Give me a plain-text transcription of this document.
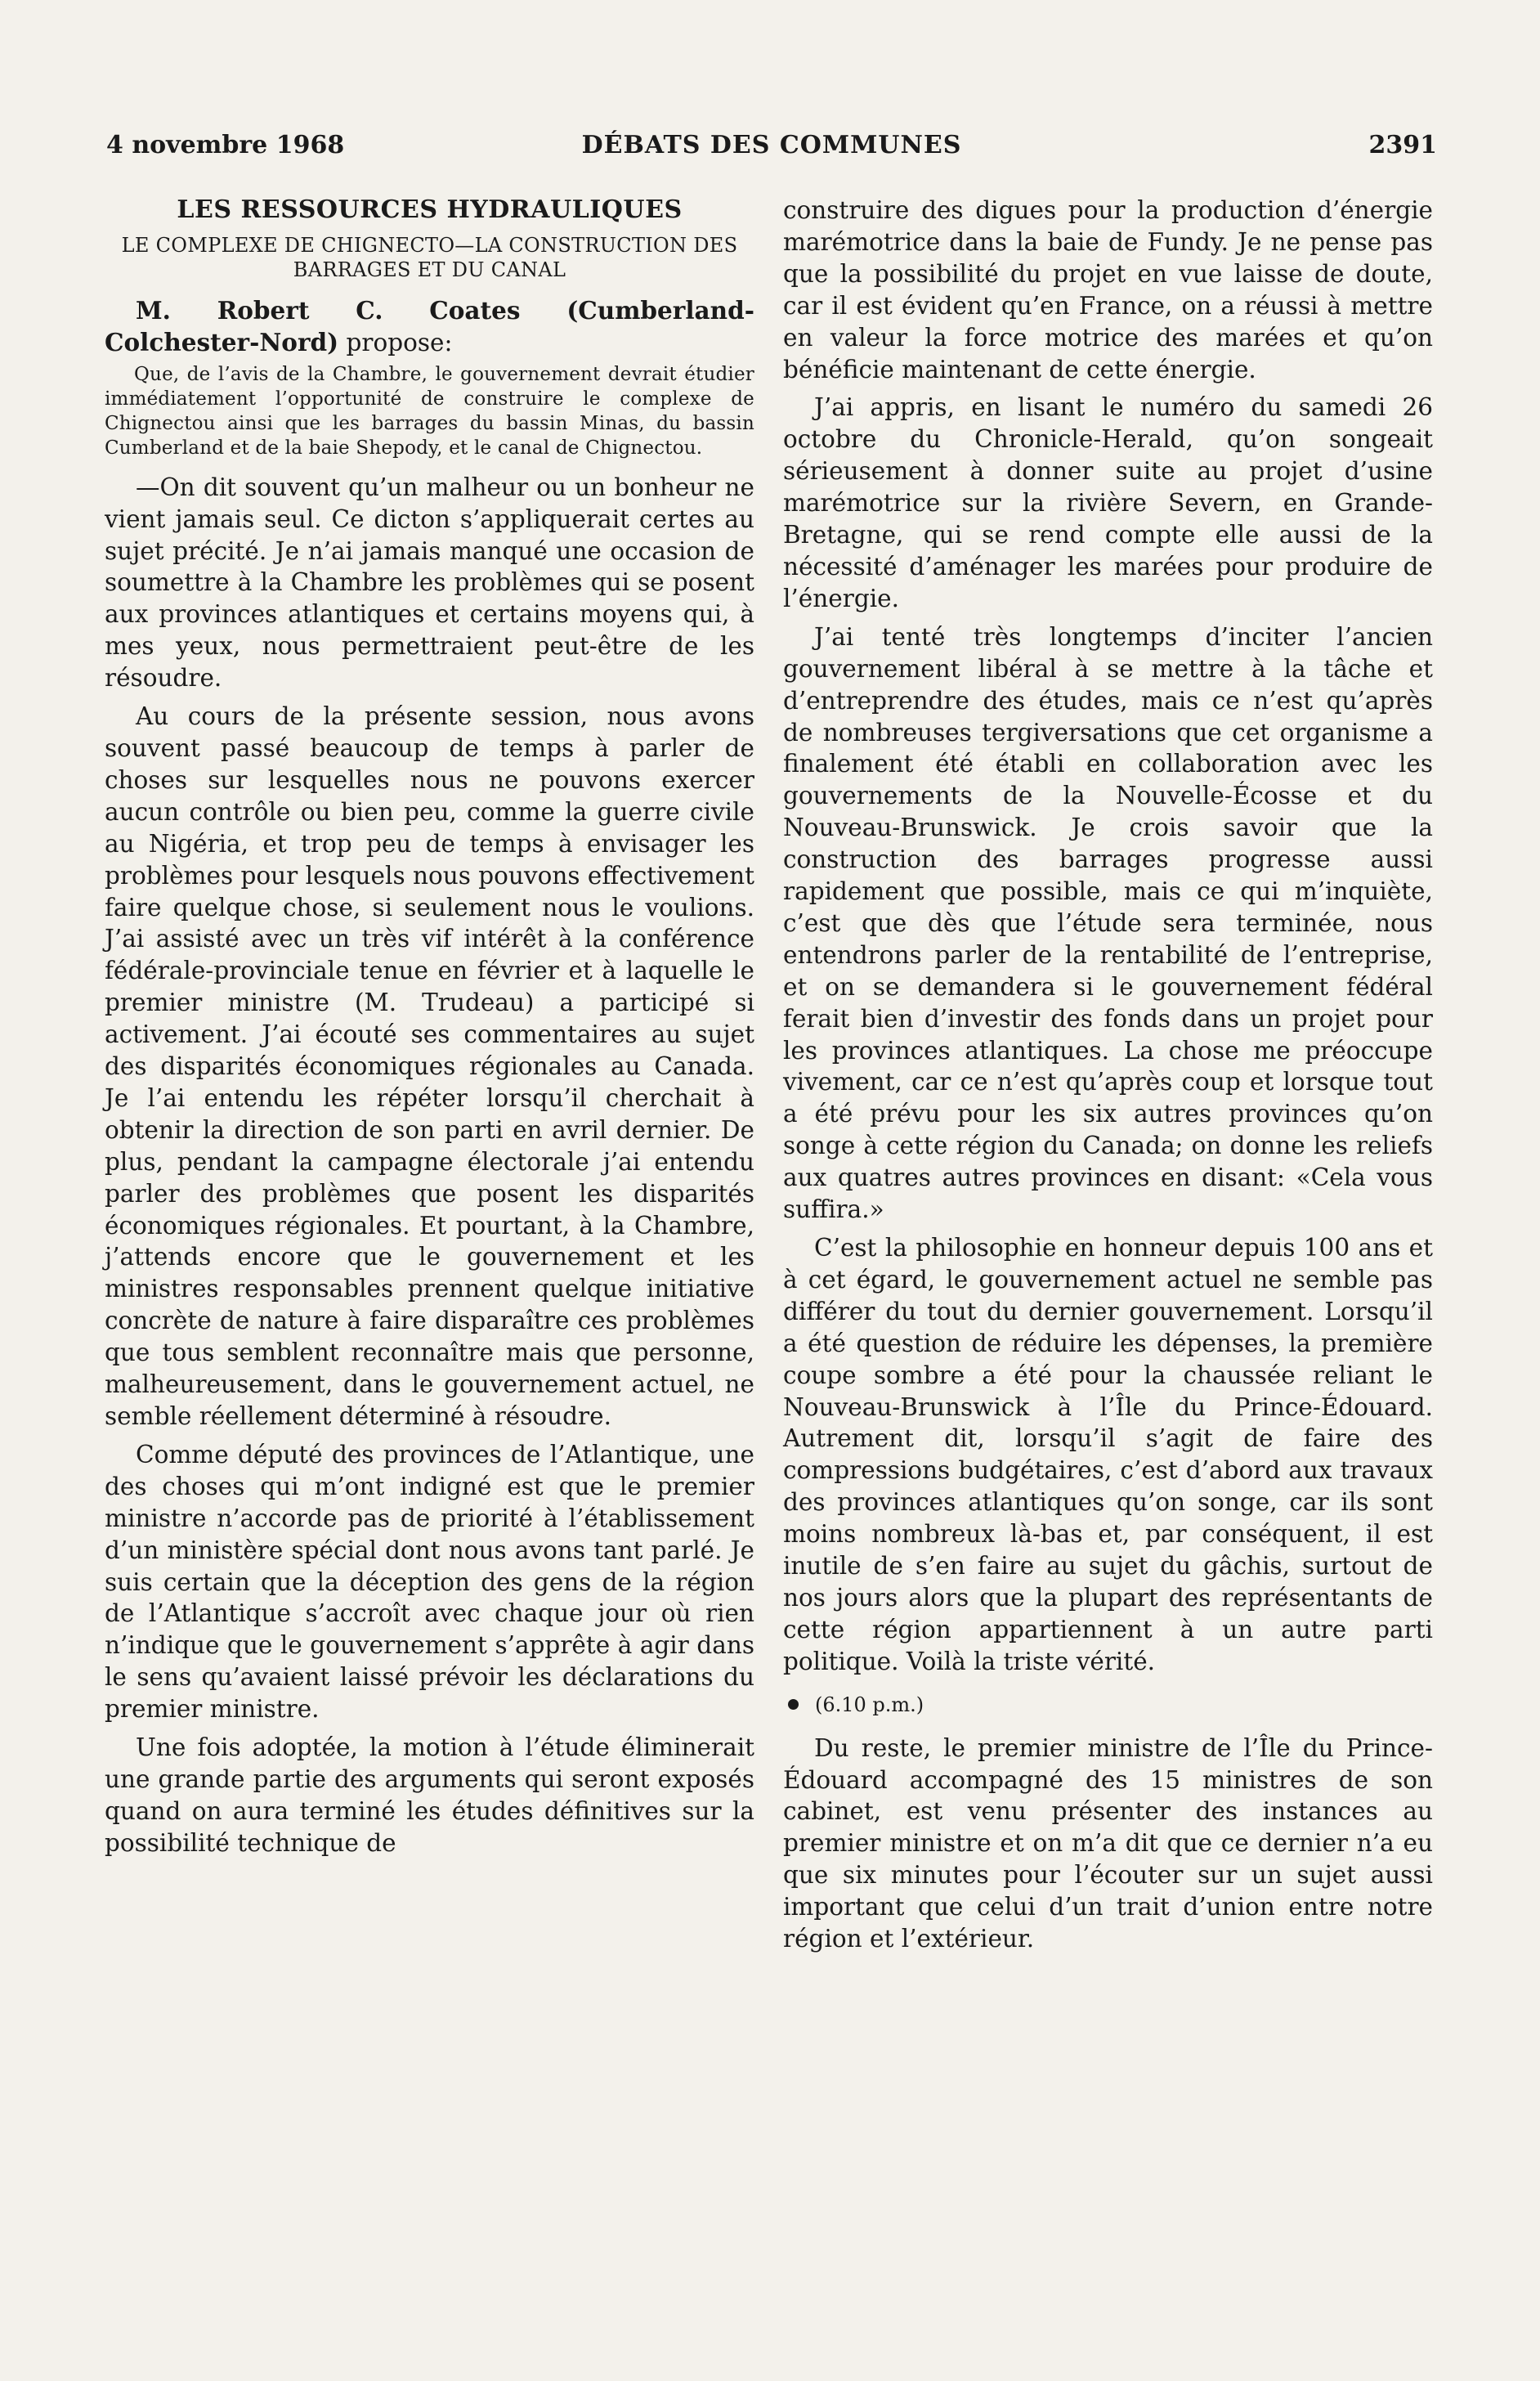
4 novembre 1968	DÉBATS DES COMMUNES	2391
LES RESSOURCES HYDRAULIQUES
LE COMPLEXE DE CHIGNECTO—LA CONSTRUCTION DES BARRAGES ET DU CANAL

M. Robert C. Coates (Cumberland-Colchester-Nord) propose:

Que, de l’avis de la Chambre, le gouvernement devrait étudier immédiatement l’opportunité de construire le complexe de Chignectou ainsi que les barrages du bassin Minas, du bassin Cumberland et de la baie Shepody, et le canal de Chignectou.

—On dit souvent qu’un malheur ou un bonheur ne vient jamais seul. Ce dicton s’appliquerait certes au sujet précité. Je n’ai jamais manqué une occasion de soumettre à la Chambre les problèmes qui se posent aux provinces atlantiques et certains moyens qui, à mes yeux, nous permettraient peut-être de les résoudre.

Au cours de la présente session, nous avons souvent passé beaucoup de temps à parler de choses sur lesquelles nous ne pouvons exercer aucun contrôle ou bien peu, comme la guerre civile au Nigéria, et trop peu de temps à envisager les problèmes pour lesquels nous pouvons effectivement faire quelque chose, si seulement nous le voulions. J’ai assisté avec un très vif intérêt à la conférence fédérale-provinciale tenue en février et à laquelle le premier ministre (M. Trudeau) a participé si activement. J’ai écouté ses commentaires au sujet des disparités économiques régionales au Canada. Je l’ai entendu les répéter lorsqu’il cherchait à obtenir la direction de son parti en avril dernier. De plus, pendant la campagne électorale j’ai entendu parler des problèmes que posent les disparités économiques régionales. Et pourtant, à la Chambre, j’attends encore que le gouvernement et les ministres responsables prennent quelque initiative concrète de nature à faire disparaître ces problèmes que tous semblent reconnaître mais que personne, malheureusement, dans le gouvernement actuel, ne semble réellement déterminé à résoudre.

Comme député des provinces de l’Atlantique, une des choses qui m’ont indigné est que le premier ministre n’accorde pas de priorité à l’établissement d’un ministère spécial dont nous avons tant parlé. Je suis certain que la déception des gens de la région de l’Atlantique s’accroît avec chaque jour où rien n’indique que le gouvernement s’apprête à agir dans le sens qu’avaient laissé prévoir les déclarations du premier ministre.

Une fois adoptée, la motion à l’étude éliminerait une grande partie des arguments qui seront exposés quand on aura terminé les études définitives sur la possibilité technique de

construire des digues pour la production d’énergie marémotrice dans la baie de Fundy. Je ne pense pas que la possibilité du projet en vue laisse de doute, car il est évident qu’en France, on a réussi à mettre en valeur la force motrice des marées et qu’on bénéficie maintenant de cette énergie.

J’ai appris, en lisant le numéro du samedi 26 octobre du Chronicle-Herald, qu’on songeait sérieusement à donner suite au projet d’usine marémotrice sur la rivière Severn, en Grande-Bretagne, qui se rend compte elle aussi de la nécessité d’aménager les marées pour produire de l’énergie.

J’ai tenté très longtemps d’inciter l’ancien gouvernement libéral à se mettre à la tâche et d’entreprendre des études, mais ce n’est qu’après de nombreuses tergiversations que cet organisme a finalement été établi en collaboration avec les gouvernements de la Nouvelle-Écosse et du Nouveau-Brunswick. Je crois savoir que la construction des barrages progresse aussi rapidement que possible, mais ce qui m’inquiète, c’est que dès que l’étude sera terminée, nous entendrons parler de la rentabilité de l’entreprise, et on se demandera si le gouvernement fédéral ferait bien d’investir des fonds dans un projet pour les provinces atlantiques. La chose me préoccupe vivement, car ce n’est qu’après coup et lorsque tout a été prévu pour les six autres provinces qu’on songe à cette région du Canada; on donne les reliefs aux quatres autres provinces en disant: «Cela vous suffira.»

C’est la philosophie en honneur depuis 100 ans et à cet égard, le gouvernement actuel ne semble pas différer du tout du dernier gouvernement. Lorsqu’il a été question de réduire les dépenses, la première coupe sombre a été pour la chaussée reliant le Nouveau-Brunswick à l’Île du Prince-Édouard. Autrement dit, lorsqu’il s’agit de faire des compressions budgétaires, c’est d’abord aux travaux des provinces atlantiques qu’on songe, car ils sont moins nombreux là-bas et, par conséquent, il est inutile de s’en faire au sujet du gâchis, surtout de nos jours alors que la plupart des représentants de cette région appartiennent à un autre parti politique. Voilà la triste vérité.

(6.10 p.m.)

Du reste, le premier ministre de l’Île du Prince-Édouard accompagné des 15 ministres de son cabinet, est venu présenter des instances au premier ministre et on m’a dit que ce dernier n’a eu que six minutes pour l’écouter sur un sujet aussi important que celui d’un trait d’union entre notre région et l’extérieur.
